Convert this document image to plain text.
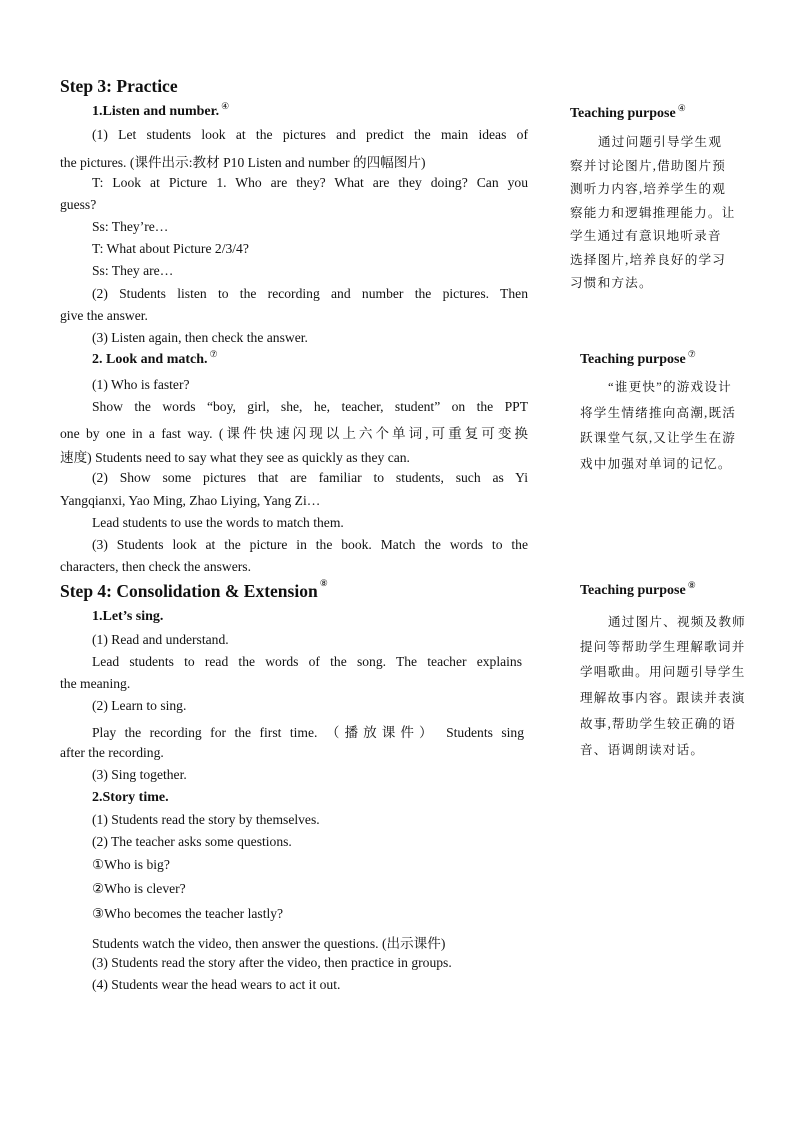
Step 3: Practice
1.Listen and number. ④
(1) Let students look at the pictures and predict the main ideas of
the pictures. (课件出示:教材 P10 Listen and number 的四幅图片)
T: Look at Picture 1. Who are they? What are they doing? Can you
guess?
Ss: They’re…
T: What about Picture 2/3/4?
Ss: They are…
(2) Students listen to the recording and number the pictures. Then
give the answer.
(3) Listen again, then check the answer.
2. Look and match. ⑦
(1) Who is faster?
Show the words “boy, girl, she, he, teacher, student” on the PPT
one by one in a fast way. (课件快速闪现以上六个单词,可重复可变换
速度) Students need to say what they see as quickly as they can.
(2) Show some pictures that are familiar to students, such as Yi
Yangqianxi, Yao Ming, Zhao Liying, Yang Zi…
Lead students to use the words to match them.
(3) Students look at the picture in the book. Match the words to the
characters, then check the answers.
Step 4: Consolidation & Extension ⑧
1.Let’s sing.
(1) Read and understand.
Lead students to read the words of the song. The teacher explains
the meaning.
(2) Learn to sing.
Play the recording for the first time. （播放课件） Students sing
after the recording.
(3) Sing together.
2.Story time.
(1) Students read the story by themselves.
(2) The teacher asks some questions.
①Who is big?
②Who is clever?
③Who becomes the teacher lastly?
Students watch the video, then answer the questions. (出示课件)
(3) Students read the story after the video, then practice in groups.
(4) Students wear the head wears to act it out.
Teaching purpose ④
通过问题引导学生观
察并讨论图片,借助图片预
测听力内容,培养学生的观
察能力和逻辑推理能力。让
学生通过有意识地听录音
选择图片,培养良好的学习
习惯和方法。
Teaching purpose ⑦
“谁更快”的游戏设计
将学生情绪推向高潮,既活
跃课堂气氛,又让学生在游
戏中加强对单词的记忆。
Teaching purpose ⑧
通过图片、视频及教师
提问等帮助学生理解歌词并
学唱歌曲。用问题引导学生
理解故事内容。跟读并表演
故事,帮助学生较正确的语
音、语调朗读对话。
